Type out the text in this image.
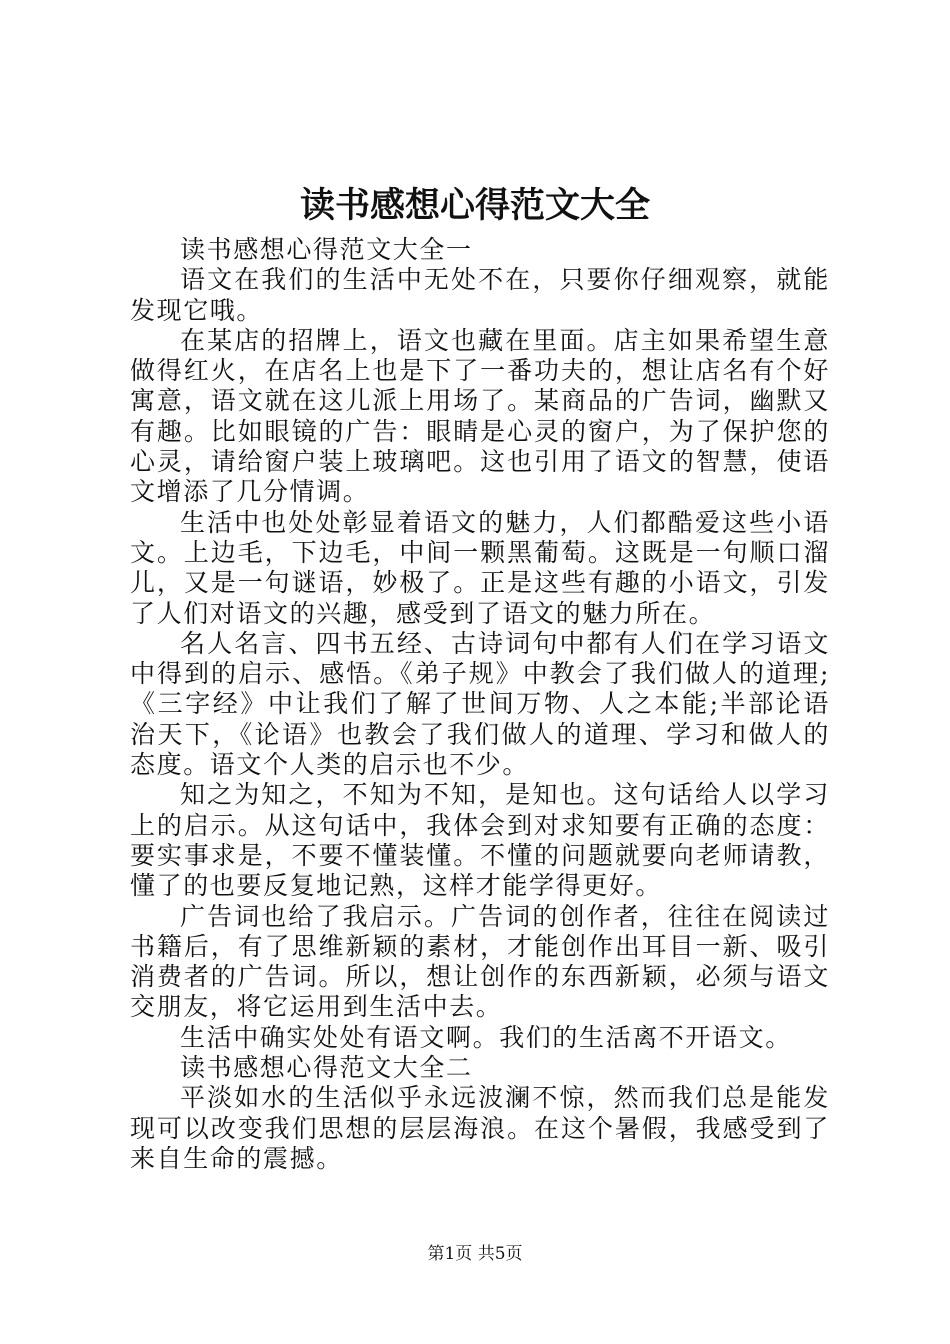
读书感想心得范文大全

读书感想心得范文大全一

语文在我们的生活中无处不在，只要你仔细观察，就能发现它哦。

在某店的招牌上，语文也藏在里面。店主如果希望生意做得红火，在店名上也是下了一番功夫的，想让店名有个好寓意，语文就在这儿派上用场了。某商品的广告词，幽默又有趣。比如眼镜的广告：眼睛是心灵的窗户，为了保护您的心灵，请给窗户装上玻璃吧。这也引用了语文的智慧，使语文增添了几分情调。

生活中也处处彰显着语文的魅力，人们都酷爱这些小语文。上边毛，下边毛，中间一颗黑葡萄。这既是一句顺口溜儿，又是一句谜语，妙极了。正是这些有趣的小语文，引发了人们对语文的兴趣，感受到了语文的魅力所在。

名人名言、四书五经、古诗词句中都有人们在学习语文中得到的启示、感悟。《弟子规》中教会了我们做人的道理;《三字经》中让我们了解了世间万物、人之本能;半部论语治天下，《论语》也教会了我们做人的道理、学习和做人的态度。语文个人类的启示也不少。

知之为知之，不知为不知，是知也。这句话给人以学习上的启示。从这句话中，我体会到对求知要有正确的态度：要实事求是，不要不懂装懂。不懂的问题就要向老师请教，懂了的也要反复地记熟，这样才能学得更好。

广告词也给了我启示。广告词的创作者，往往在阅读过书籍后，有了思维新颖的素材，才能创作出耳目一新、吸引消费者的广告词。所以，想让创作的东西新颖，必须与语文交朋友，将它运用到生活中去。

生活中确实处处有语文啊。我们的生活离不开语文。

读书感想心得范文大全二

平淡如水的生活似乎永远波澜不惊，然而我们总是能发现可以改变我们思想的层层海浪。在这个暑假，我感受到了来自生命的震撼。

第1页 共5页
